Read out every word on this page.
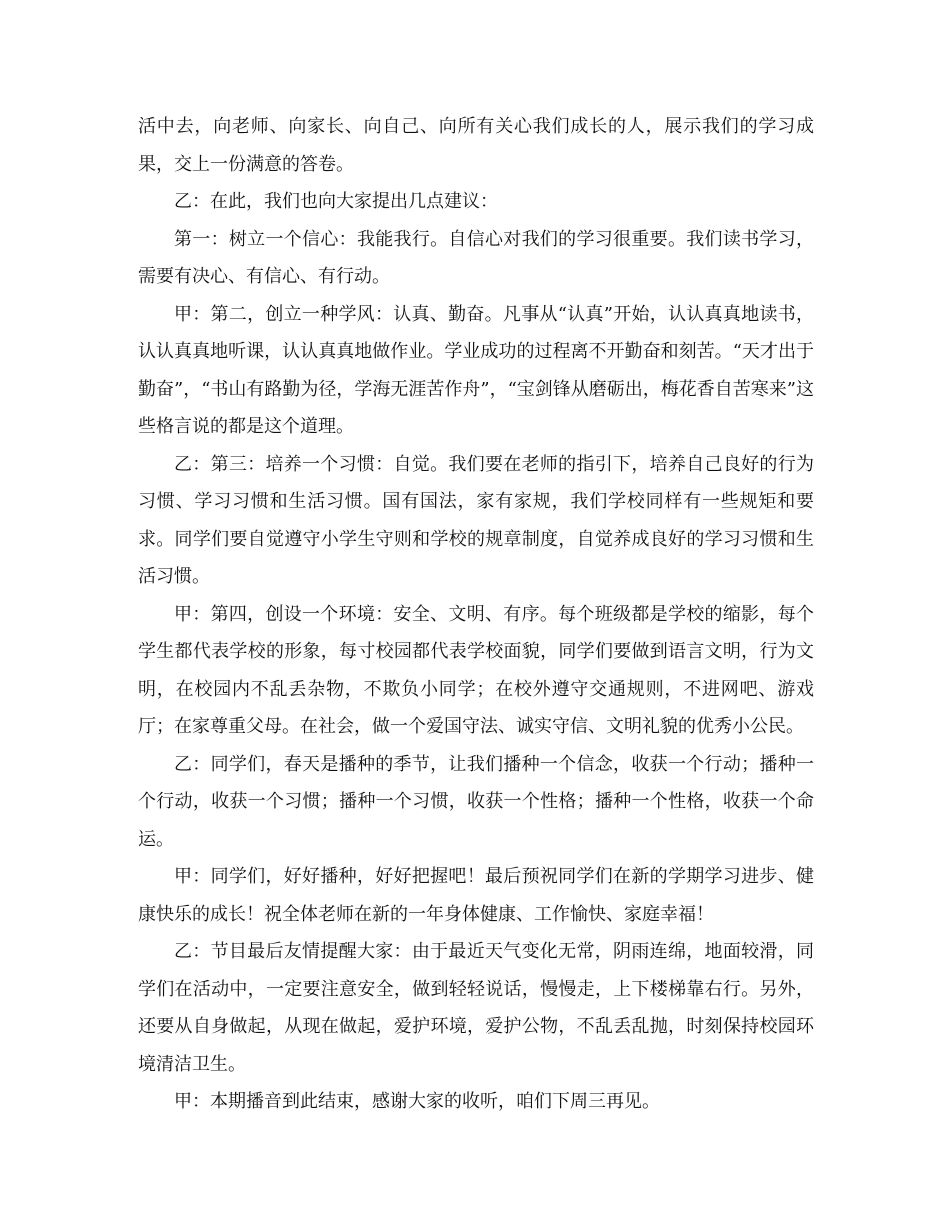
活中去，向老师、向家长、向自己、向所有关心我们成长的人，展示我们的学习成果，交上一份满意的答卷。

乙：在此，我们也向大家提出几点建议：

第一：树立一个信心：我能我行。自信心对我们的学习很重要。我们读书学习，需要有决心、有信心、有行动。

甲：第二，创立一种学风：认真、勤奋。凡事从“认真”开始，认认真真地读书，认认真真地听课，认认真真地做作业。学业成功的过程离不开勤奋和刻苦。“天才出于勤奋”，“书山有路勤为径，学海无涯苦作舟”，“宝剑锋从磨砺出，梅花香自苦寒来”这些格言说的都是这个道理。

乙：第三：培养一个习惯：自觉。我们要在老师的指引下，培养自己良好的行为习惯、学习习惯和生活习惯。国有国法，家有家规，我们学校同样有一些规矩和要求。同学们要自觉遵守小学生守则和学校的规章制度，自觉养成良好的学习习惯和生活习惯。

甲：第四，创设一个环境：安全、文明、有序。每个班级都是学校的缩影，每个学生都代表学校的形象，每寸校园都代表学校面貌，同学们要做到语言文明，行为文明，在校园内不乱丢杂物，不欺负小同学；在校外遵守交通规则，不进网吧、游戏厅；在家尊重父母。在社会，做一个爱国守法、诚实守信、文明礼貌的优秀小公民。

乙：同学们，春天是播种的季节，让我们播种一个信念，收获一个行动；播种一个行动，收获一个习惯；播种一个习惯，收获一个性格；播种一个性格，收获一个命运。

甲：同学们，好好播种，好好把握吧！最后预祝同学们在新的学期学习进步、健康快乐的成长！祝全体老师在新的一年身体健康、工作愉快、家庭幸福！

乙：节目最后友情提醒大家：由于最近天气变化无常，阴雨连绵，地面较滑，同学们在活动中，一定要注意安全，做到轻轻说话，慢慢走，上下楼梯靠右行。另外，还要从自身做起，从现在做起，爱护环境，爱护公物，不乱丢乱抛，时刻保持校园环境清洁卫生。

甲：本期播音到此结束，感谢大家的收听，咱们下周三再见。
